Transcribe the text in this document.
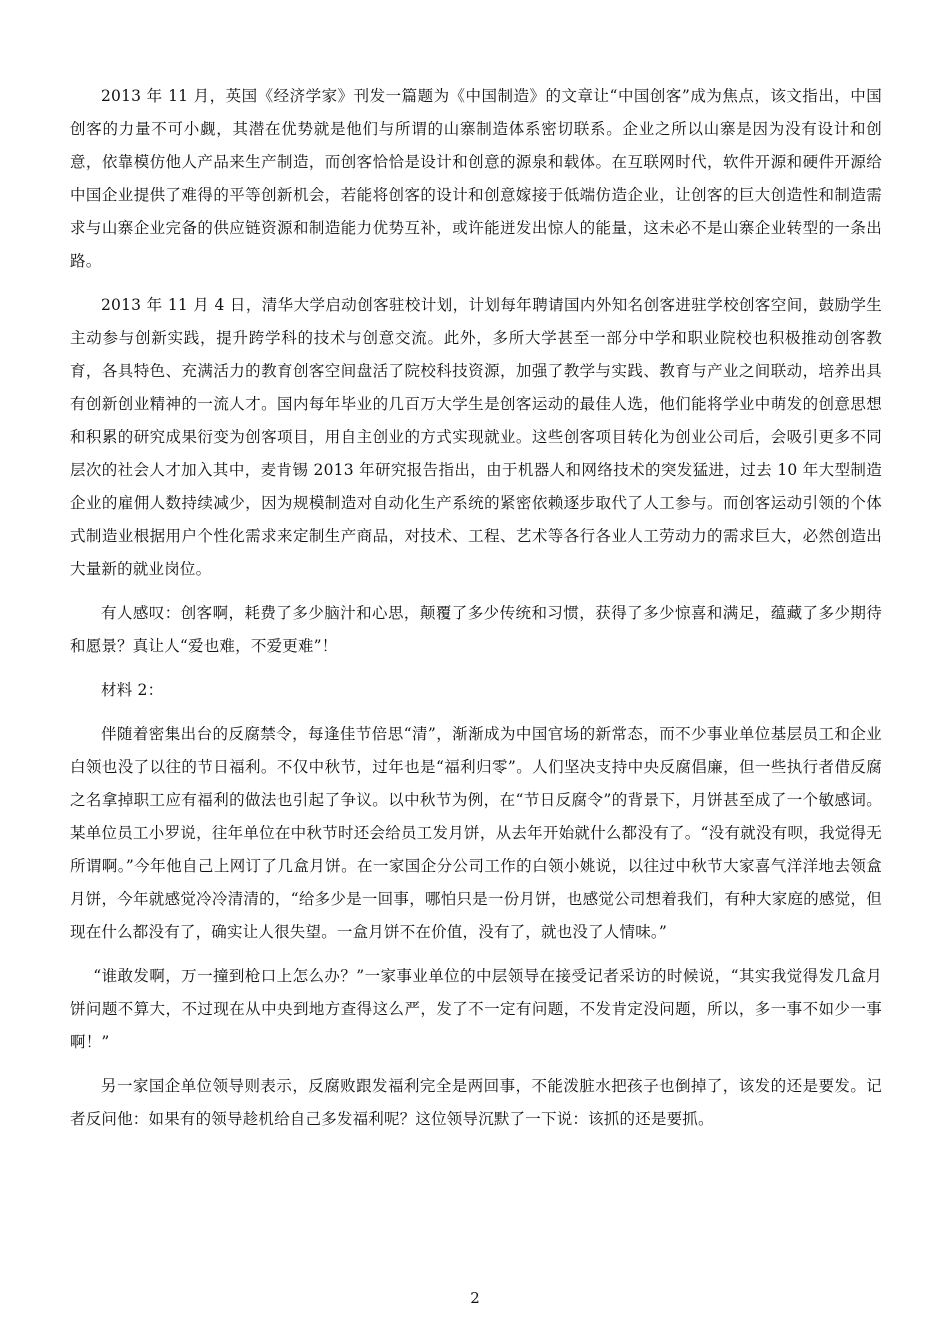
2013 年 11 月，英国《经济学家》刊发一篇题为《中国制造》的文章让“中国创客”成为焦点，该文指出，中国创客的力量不可小觑，其潜在优势就是他们与所谓的山寨制造体系密切联系。企业之所以山寨是因为没有设计和创意，依靠模仿他人产品来生产制造，而创客恰恰是设计和创意的源泉和载体。在互联网时代，软件开源和硬件开源给中国企业提供了难得的平等创新机会，若能将创客的设计和创意嫁接于低端仿造企业，让创客的巨大创造性和制造需求与山寨企业完备的供应链资源和制造能力优势互补，或许能迸发出惊人的能量，这未必不是山寨企业转型的一条出路。

2013 年 11 月 4 日，清华大学启动创客驻校计划，计划每年聘请国内外知名创客进驻学校创客空间，鼓励学生主动参与创新实践，提升跨学科的技术与创意交流。此外，多所大学甚至一部分中学和职业院校也积极推动创客教育，各具特色、充满活力的教育创客空间盘活了院校科技资源，加强了教学与实践、教育与产业之间联动，培养出具有创新创业精神的一流人才。国内每年毕业的几百万大学生是创客运动的最佳人选，他们能将学业中萌发的创意思想和积累的研究成果衍变为创客项目，用自主创业的方式实现就业。这些创客项目转化为创业公司后，会吸引更多不同层次的社会人才加入其中，麦肯锡 2013 年研究报告指出，由于机器人和网络技术的突发猛进，过去 10 年大型制造企业的雇佣人数持续减少，因为规模制造对自动化生产系统的紧密依赖逐步取代了人工参与。而创客运动引领的个体式制造业根据用户个性化需求来定制生产商品，对技术、工程、艺术等各行各业人工劳动力的需求巨大，必然创造出大量新的就业岗位。

有人感叹：创客啊，耗费了多少脑汁和心思，颠覆了多少传统和习惯，获得了多少惊喜和满足，蕴藏了多少期待和愿景？真让人“爱也难，不爱更难”！

材料 2：

伴随着密集出台的反腐禁令，每逢佳节倍思“清”，渐渐成为中国官场的新常态，而不少事业单位基层员工和企业白领也没了以往的节日福利。不仅中秋节，过年也是“福利归零”。人们坚决支持中央反腐倡廉，但一些执行者借反腐之名拿掉职工应有福利的做法也引起了争议。以中秋节为例，在“节日反腐令”的背景下，月饼甚至成了一个敏感词。某单位员工小罗说，往年单位在中秋节时还会给员工发月饼，从去年开始就什么都没有了。“没有就没有呗，我觉得无所谓啊。”今年他自己上网订了几盒月饼。在一家国企分公司工作的白领小姚说，以往过中秋节大家喜气洋洋地去领盒月饼，今年就感觉冷冷清清的，“给多少是一回事，哪怕只是一份月饼，也感觉公司想着我们，有种大家庭的感觉，但现在什么都没有了，确实让人很失望。一盒月饼不在价值，没有了，就也没了人情味。”

“谁敢发啊，万一撞到枪口上怎么办？”一家事业单位的中层领导在接受记者采访的时候说，“其实我觉得发几盒月饼问题不算大，不过现在从中央到地方查得这么严，发了不一定有问题，不发肯定没问题，所以，多一事不如少一事啊！”

另一家国企单位领导则表示，反腐败跟发福利完全是两回事，不能泼脏水把孩子也倒掉了，该发的还是要发。记者反问他：如果有的领导趁机给自己多发福利呢？这位领导沉默了一下说：该抓的还是要抓。

2
